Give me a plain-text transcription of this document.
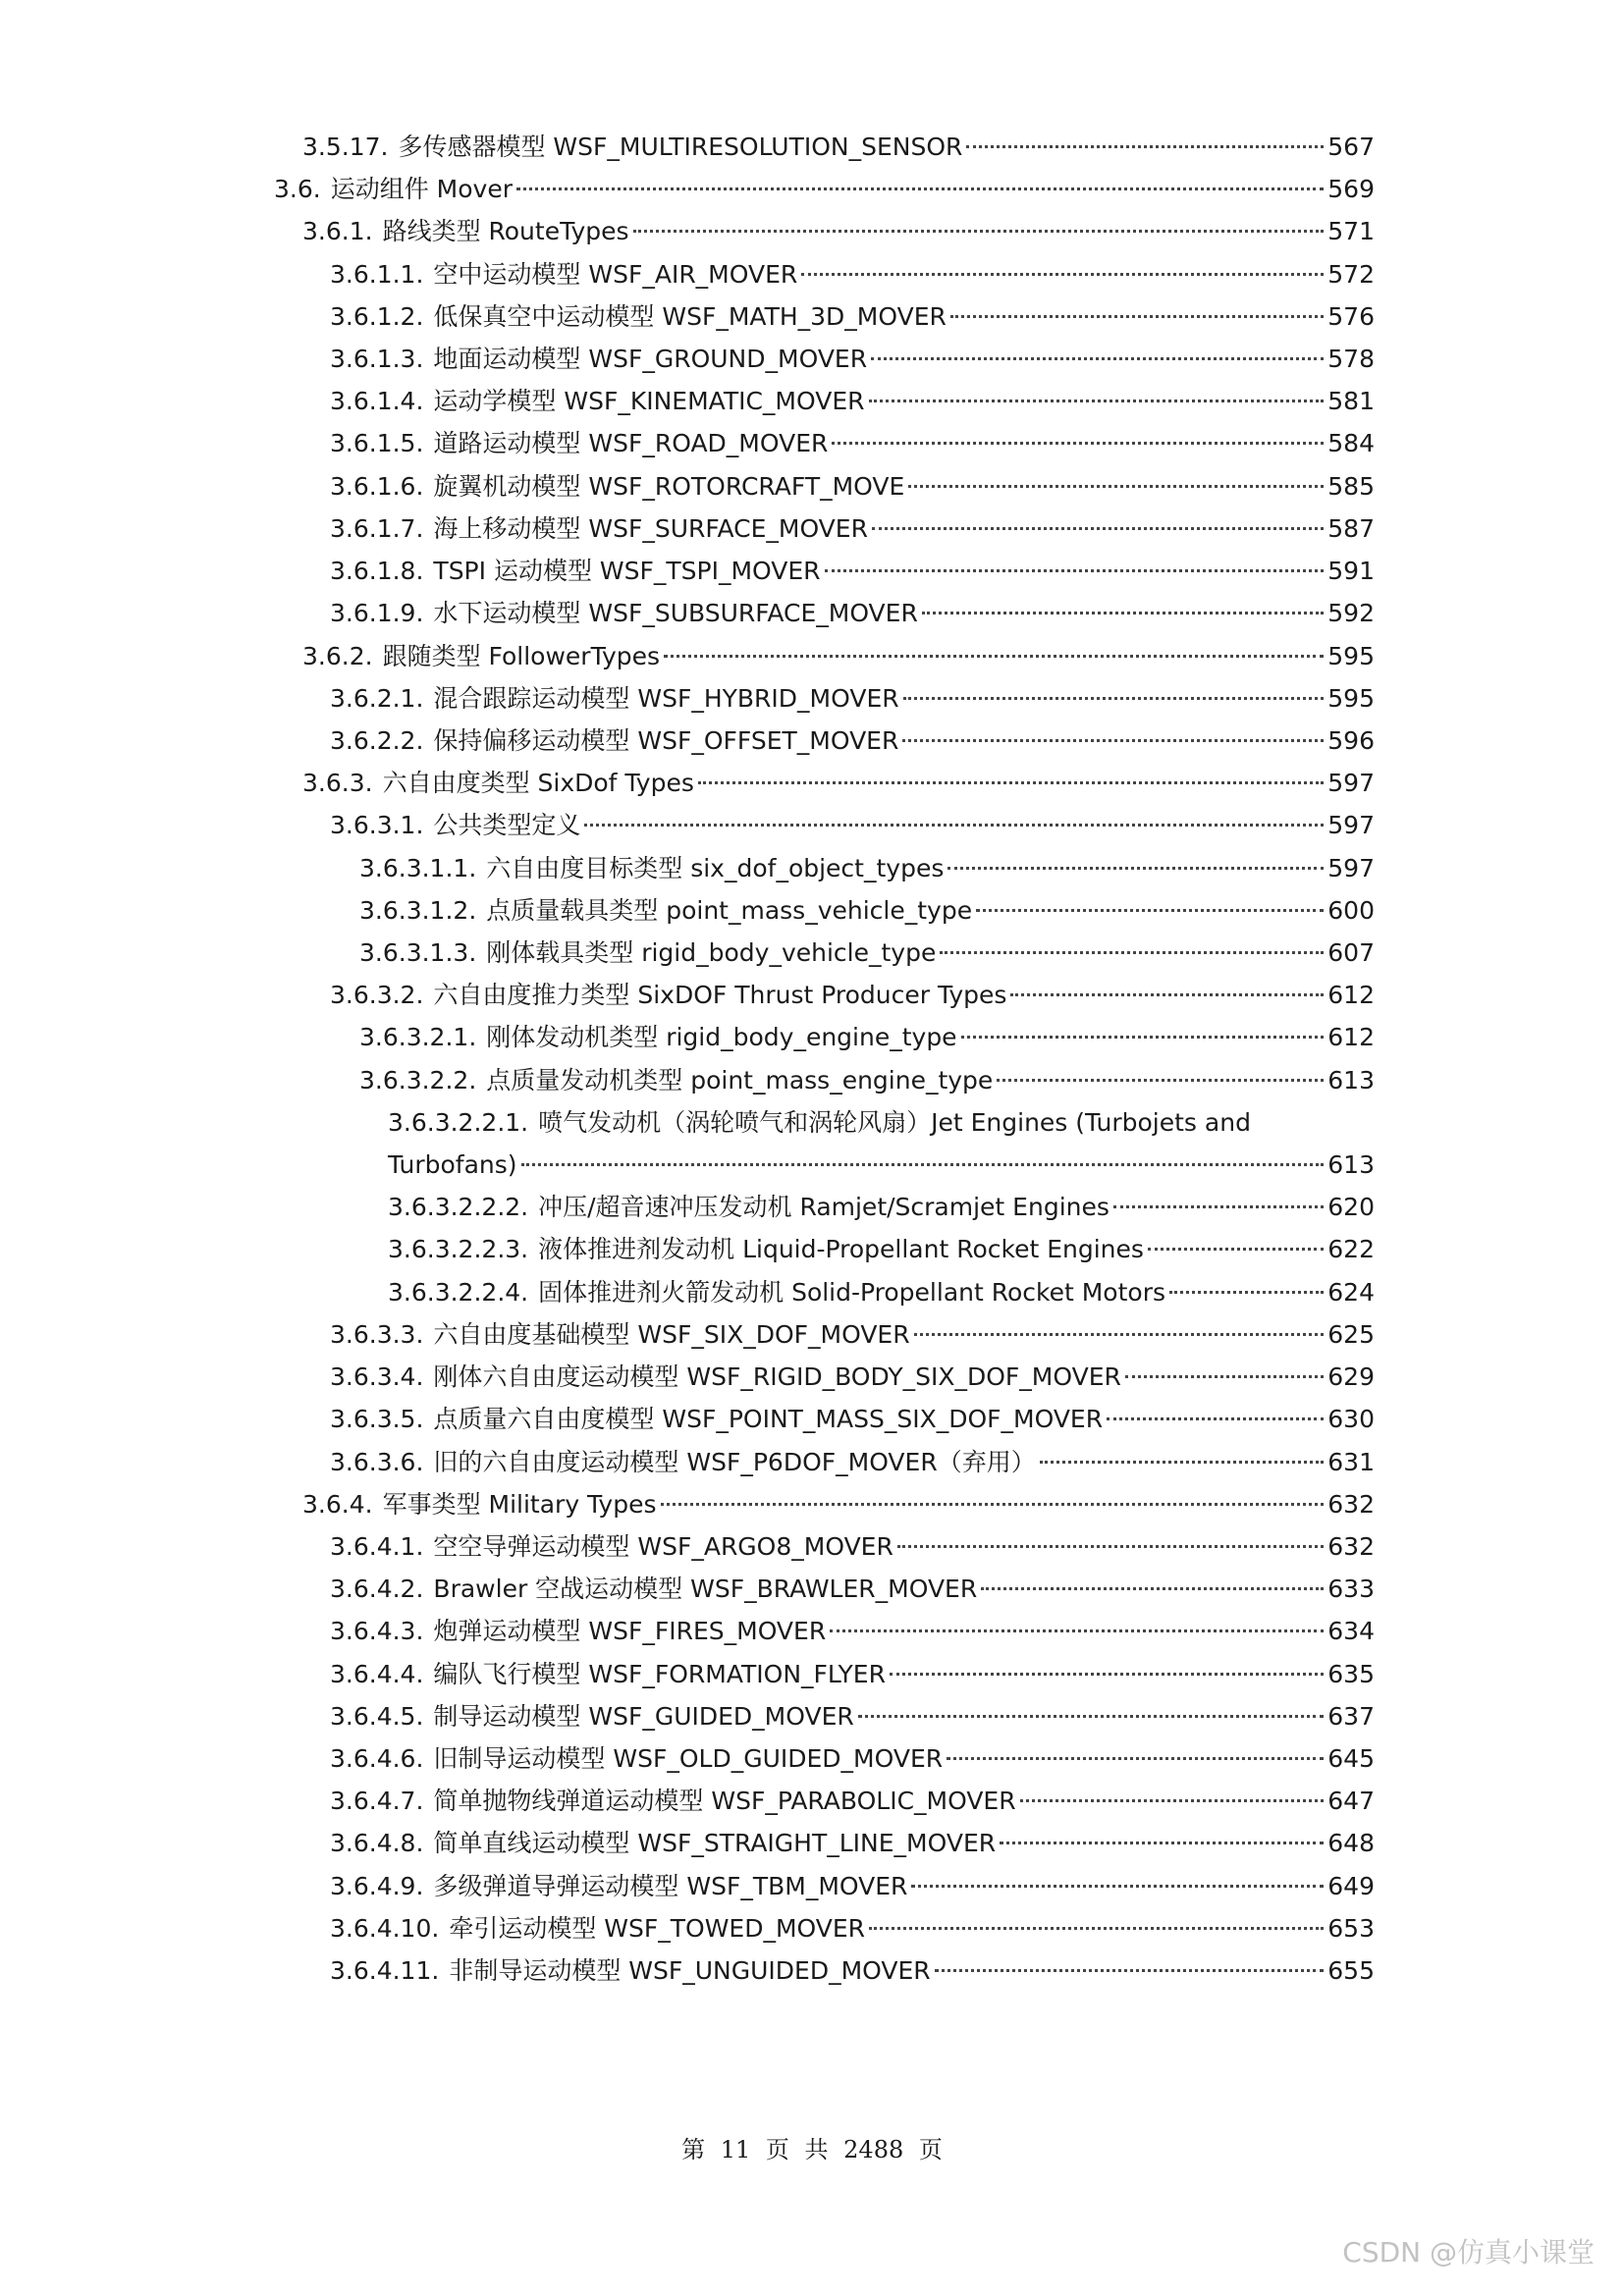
3.5.17. 多传感器模型 WSF_MULTIRESOLUTION_SENSOR	567
3.6. 运动组件 Mover	569
3.6.1. 路线类型 RouteTypes	571
3.6.1.1. 空中运动模型 WSF_AIR_MOVER	572
3.6.1.2. 低保真空中运动模型 WSF_MATH_3D_MOVER	576
3.6.1.3. 地面运动模型 WSF_GROUND_MOVER	578
3.6.1.4. 运动学模型 WSF_KINEMATIC_MOVER	581
3.6.1.5. 道路运动模型 WSF_ROAD_MOVER	584
3.6.1.6. 旋翼机动模型 WSF_ROTORCRAFT_MOVE	585
3.6.1.7. 海上移动模型 WSF_SURFACE_MOVER	587
3.6.1.8. TSPI 运动模型 WSF_TSPI_MOVER	591
3.6.1.9. 水下运动模型 WSF_SUBSURFACE_MOVER	592
3.6.2. 跟随类型 FollowerTypes	595
3.6.2.1. 混合跟踪运动模型 WSF_HYBRID_MOVER	595
3.6.2.2. 保持偏移运动模型 WSF_OFFSET_MOVER	596
3.6.3. 六自由度类型 SixDof Types	597
3.6.3.1. 公共类型定义	597
3.6.3.1.1. 六自由度目标类型 six_dof_object_types	597
3.6.3.1.2. 点质量载具类型 point_mass_vehicle_type	600
3.6.3.1.3. 刚体载具类型 rigid_body_vehicle_type	607
3.6.3.2. 六自由度推力类型 SixDOF Thrust Producer Types	612
3.6.3.2.1. 刚体发动机类型 rigid_body_engine_type	612
3.6.3.2.2. 点质量发动机类型 point_mass_engine_type	613
3.6.3.2.2.1. 喷气发动机（涡轮喷气和涡轮风扇）Jet Engines (Turbojets and
Turbofans)	613
3.6.3.2.2.2. 冲压/超音速冲压发动机 Ramjet/Scramjet Engines	620
3.6.3.2.2.3. 液体推进剂发动机 Liquid-Propellant Rocket Engines	622
3.6.3.2.2.4. 固体推进剂火箭发动机 Solid-Propellant Rocket Motors	624
3.6.3.3. 六自由度基础模型 WSF_SIX_DOF_MOVER	625
3.6.3.4. 刚体六自由度运动模型 WSF_RIGID_BODY_SIX_DOF_MOVER	629
3.6.3.5. 点质量六自由度模型 WSF_POINT_MASS_SIX_DOF_MOVER	630
3.6.3.6. 旧的六自由度运动模型 WSF_P6DOF_MOVER（弃用）	631
3.6.4. 军事类型 Military Types	632
3.6.4.1. 空空导弹运动模型 WSF_ARGO8_MOVER	632
3.6.4.2. Brawler 空战运动模型 WSF_BRAWLER_MOVER	633
3.6.4.3. 炮弹运动模型 WSF_FIRES_MOVER	634
3.6.4.4. 编队飞行模型 WSF_FORMATION_FLYER	635
3.6.4.5. 制导运动模型 WSF_GUIDED_MOVER	637
3.6.4.6. 旧制导运动模型 WSF_OLD_GUIDED_MOVER	645
3.6.4.7. 简单抛物线弹道运动模型 WSF_PARABOLIC_MOVER	647
3.6.4.8. 简单直线运动模型 WSF_STRAIGHT_LINE_MOVER	648
3.6.4.9. 多级弹道导弹运动模型 WSF_TBM_MOVER	649
3.6.4.10. 牵引运动模型 WSF_TOWED_MOVER	653
3.6.4.11. 非制导运动模型 WSF_UNGUIDED_MOVER	655
第 11 页 共 2488 页
CSDN @仿真小课堂
